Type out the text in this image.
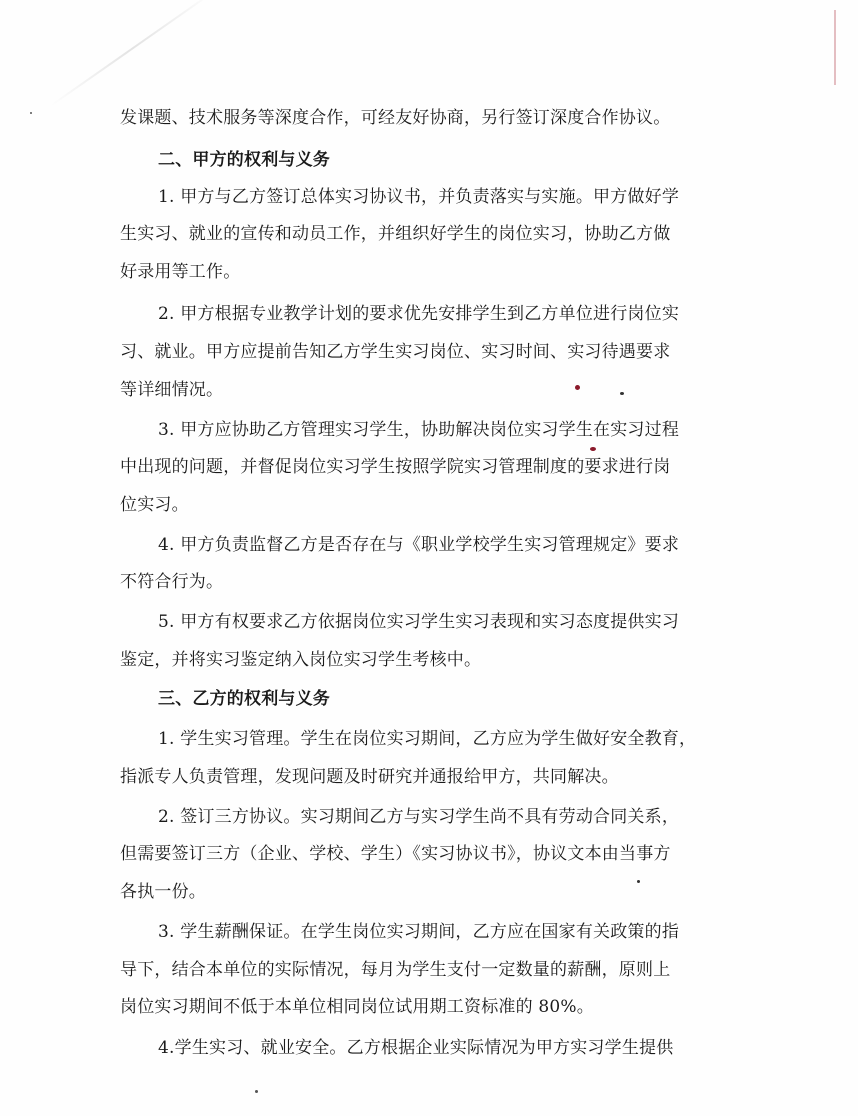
发课题、技术服务等深度合作，可经友好协商，另行签订深度合作协议。
二、甲方的权利与义务
1. 甲方与乙方签订总体实习协议书，并负责落实与实施。甲方做好学
生实习、就业的宣传和动员工作，并组织好学生的岗位实习，协助乙方做
好录用等工作。
2. 甲方根据专业教学计划的要求优先安排学生到乙方单位进行岗位实
习、就业。甲方应提前告知乙方学生实习岗位、实习时间、实习待遇要求
等详细情况。
3. 甲方应协助乙方管理实习学生，协助解决岗位实习学生在实习过程
中出现的问题，并督促岗位实习学生按照学院实习管理制度的要求进行岗
位实习。
4. 甲方负责监督乙方是否存在与《职业学校学生实习管理规定》要求
不符合行为。
5. 甲方有权要求乙方依据岗位实习学生实习表现和实习态度提供实习
鉴定，并将实习鉴定纳入岗位实习学生考核中。
三、乙方的权利与义务
1. 学生实习管理。学生在岗位实习期间，乙方应为学生做好安全教育，
指派专人负责管理，发现问题及时研究并通报给甲方，共同解决。
2. 签订三方协议。实习期间乙方与实习学生尚不具有劳动合同关系，
但需要签订三方（企业、学校、学生）《实习协议书》，协议文本由当事方
各执一份。
3. 学生薪酬保证。在学生岗位实习期间，乙方应在国家有关政策的指
导下，结合本单位的实际情况，每月为学生支付一定数量的薪酬，原则上
岗位实习期间不低于本单位相同岗位试用期工资标准的 80%。
4.学生实习、就业安全。乙方根据企业实际情况为甲方实习学生提供
